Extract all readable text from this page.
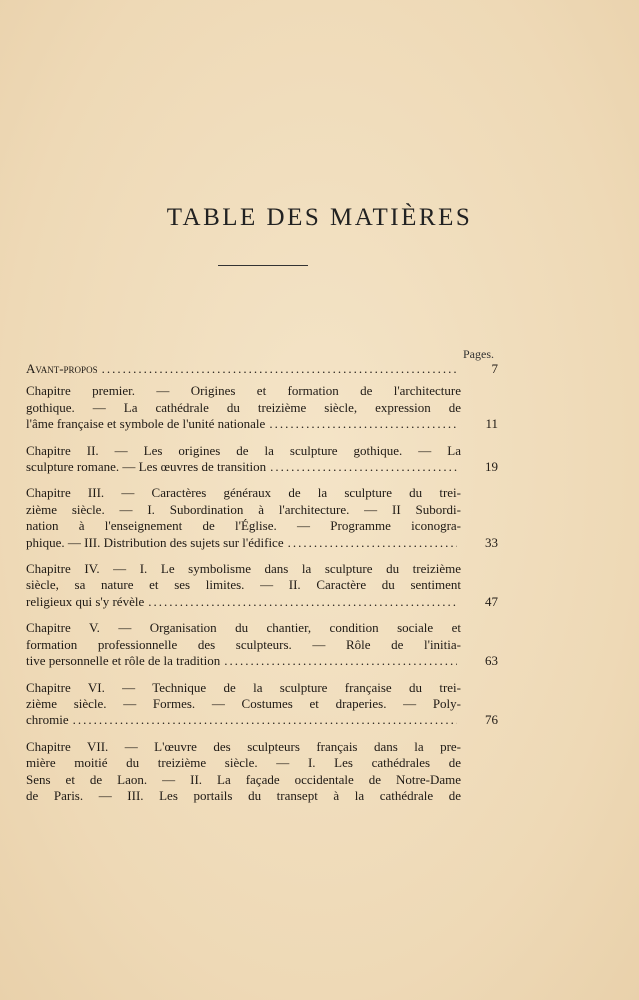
TABLE DES MATIÈRES
Pages.
Avant-propos .....	7
Chapitre premier. — Origines et formation de l'architecture
gothique. — La cathédrale du treizième siècle, expression de
l'âme française et symbole de l'unité nationale .....	11
Chapitre II. — Les origines de la sculpture gothique. — La
sculpture romane. — Les œuvres de transition .....	19
Chapitre III. — Caractères généraux de la sculpture du trei-
zième siècle. — I. Subordination à l'architecture. — II Subordi-
nation à l'enseignement de l'Église. — Programme iconogra-
phique. — III. Distribution des sujets sur l'édifice .....	33
Chapitre IV. — I. Le symbolisme dans la sculpture du treizième
siècle, sa nature et ses limites. — II. Caractère du sentiment
religieux qui s'y révèle .....	47
Chapitre V. — Organisation du chantier, condition sociale et
formation professionnelle des sculpteurs. — Rôle de l'initia-
tive personnelle et rôle de la tradition .....	63
Chapitre VI. — Technique de la sculpture française du trei-
zième siècle. — Formes. — Costumes et draperies. — Poly-
chromie .....	76
Chapitre VII. — L'œuvre des sculpteurs français dans la pre-
mière moitié du treizième siècle. — I. Les cathédrales de
Sens et de Laon. — II. La façade occidentale de Notre-Dame
de Paris. — III. Les portails du transept à la cathédrale de
